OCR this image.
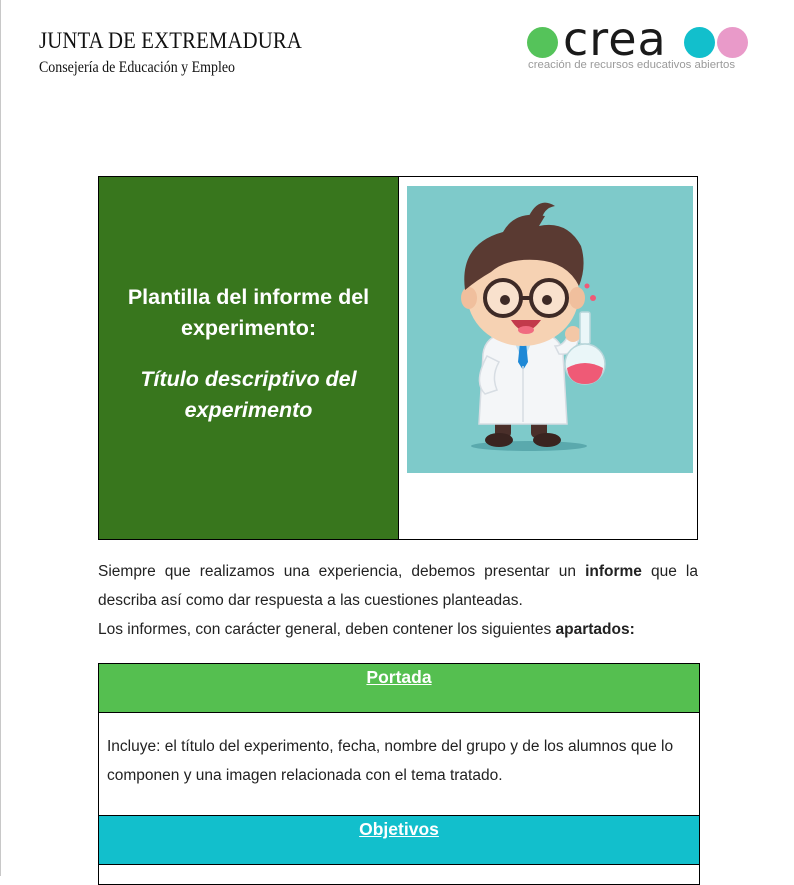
JUNTA DE EXTREMADURA
Consejería de Educación y Empleo
crea
creación de recursos educativos abiertos
Plantilla del informe del experimento:
Título descriptivo del experimento
Siempre que realizamos una experiencia, debemos presentar un informe que la describa así como dar respuesta a las cuestiones planteadas.
Los informes, con carácter general, deben contener los siguientes apartados:
Portada
Incluye: el título del experimento, fecha, nombre del grupo y de los alumnos que lo componen y una imagen relacionada con el tema tratado.
Objetivos
